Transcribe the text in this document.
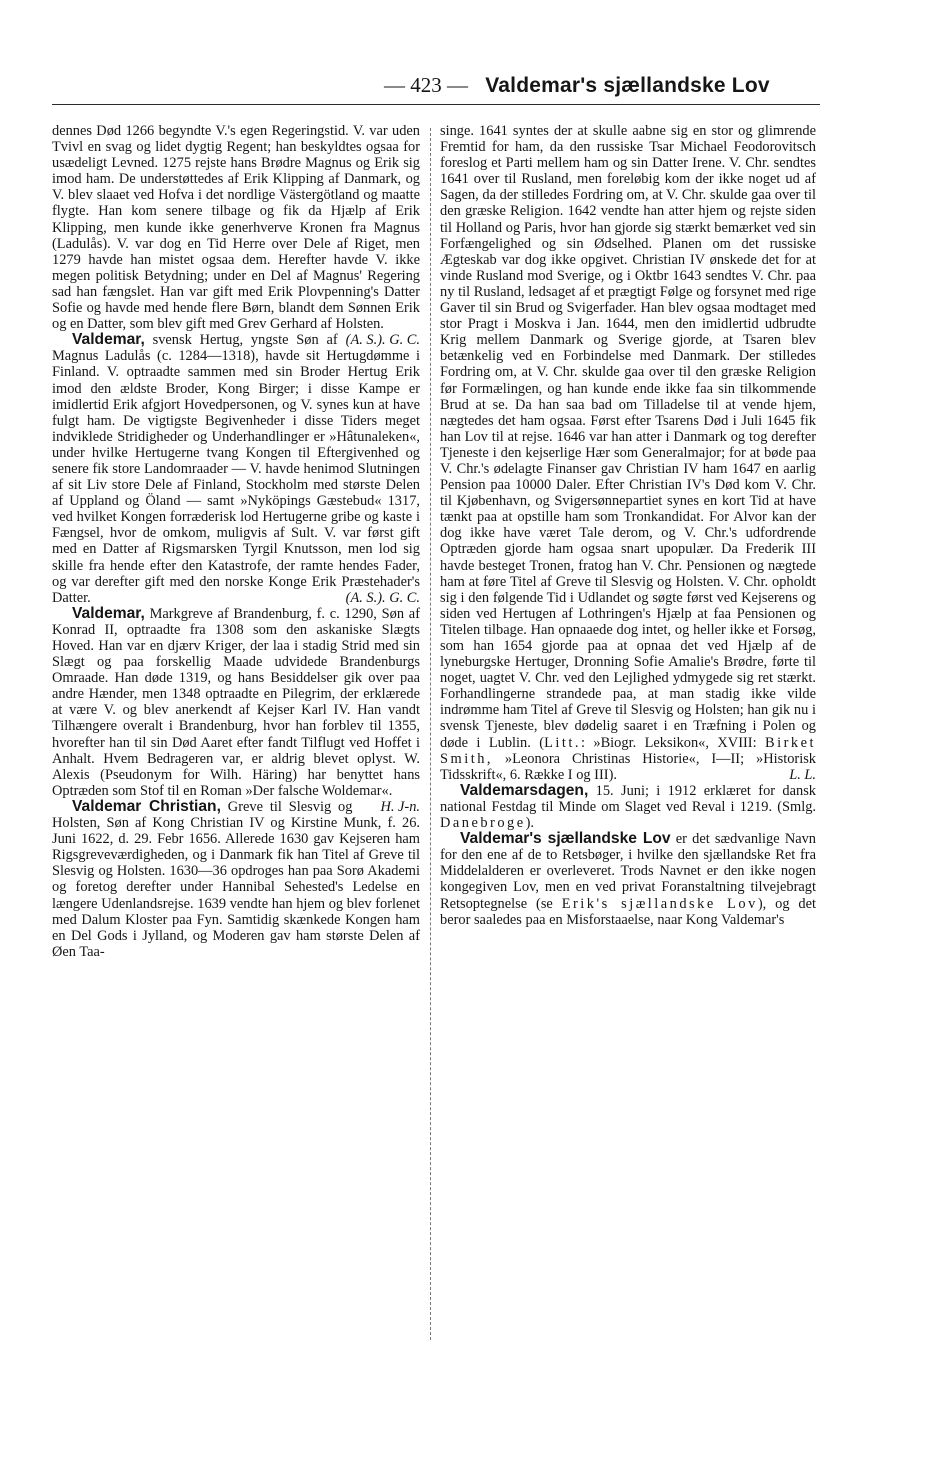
— 423 — Valdemar's sjællandske Lov

dennes Død 1266 begyndte V.'s egen Regeringstid. V. var uden Tvivl en svag og lidet dygtig Regent; han beskyldtes ogsaa for usædeligt Levned. 1275 rejste hans Brødre Magnus og Erik sig imod ham. De understøttedes af Erik Klipping af Danmark, og V. blev slaaet ved Hofva i det nordlige Västergötland og maatte flygte. Han kom senere tilbage og fik da Hjælp af Erik Klipping, men kunde ikke generhverve Kronen fra Magnus (Ladulås). V. var dog en Tid Herre over Dele af Riget, men 1279 havde han mistet ogsaa dem. Herefter havde V. ikke megen politisk Betydning; under en Del af Magnus' Regering sad han fængslet. Han var gift med Erik Plovpenning's Datter Sofie og havde med hende flere Børn, blandt dem Sønnen Erik og en Datter, som blev gift med Grev Gerhard af Holsten.
(A. S.). G. C.

Valdemar, svensk Hertug, yngste Søn af Magnus Ladulås (c. 1284—1318), havde sit Hertugdømme i Finland. V. optraadte sammen med sin Broder Hertug Erik imod den ældste Broder, Kong Birger; i disse Kampe er imidlertid Erik afgjort Hovedpersonen, og V. synes kun at have fulgt ham. De vigtigste Begivenheder i disse Tiders meget indviklede Stridigheder og Underhandlinger er »Hâtunaleken«, under hvilke Hertugerne tvang Kongen til Eftergivenhed og senere fik store Landomraader — V. havde henimod Slutningen af sit Liv store Dele af Finland, Stockholm med største Delen af Uppland og Öland — samt »Nyköpings Gæstebud« 1317, ved hvilket Kongen forræderisk lod Hertugerne gribe og kaste i Fængsel, hvor de omkom, muligvis af Sult. V. var først gift med en Datter af Rigsmarsken Tyrgil Knutsson, men lod sig skille fra hende efter den Katastrofe, der ramte hendes Fader, og var derefter gift med den norske Konge Erik Præstehader's Datter.	(A. S.). G. C.

Valdemar, Markgreve af Brandenburg, f. c. 1290, Søn af Konrad II, optraadte fra 1308 som den askaniske Slægts Hoved. Han var en djærv Kriger, der laa i stadig Strid med sin Slægt og paa forskellig Maade udvidede Brandenburgs Omraade. Han døde 1319, og hans Besiddelser gik over paa andre Hænder, men 1348 optraadte en Pilegrim, der erklærede at være V. og blev anerkendt af Kejser Karl IV. Han vandt Tilhængere overalt i Brandenburg, hvor han forblev til 1355, hvorefter han til sin Død Aaret efter fandt Tilflugt ved Hoffet i Anhalt. Hvem Bedrageren var, er aldrig blevet oplyst. W. Alexis (Pseudonym for Wilh. Häring) har benyttet hans Optræden som Stof til en Roman »Der falsche Woldemar«.
H. J-n.

Valdemar Christian, Greve til Slesvig og Holsten, Søn af Kong Christian IV og Kirstine Munk, f. 26. Juni 1622, d. 29. Febr 1656. Allerede 1630 gav Kejseren ham Rigsgreveværdigheden, og i Danmark fik han Titel af Greve til Slesvig og Holsten. 1630—36 opdroges han paa Sorø Akademi og foretog derefter under Hannibal Sehested's Ledelse en længere Udenlandsrejse. 1639 vendte han hjem og blev forlenet med Dalum Kloster paa Fyn. Samtidig skænkede Kongen ham en Del Gods i Jylland, og Moderen gav ham største Delen af Øen Taa-

singe. 1641 syntes der at skulle aabne sig en stor og glimrende Fremtid for ham, da den russiske Tsar Michael Feodorovitsch foreslog et Parti mellem ham og sin Datter Irene. V. Chr. sendtes 1641 over til Rusland, men foreløbig kom der ikke noget ud af Sagen, da der stilledes Fordring om, at V. Chr. skulde gaa over til den græske Religion. 1642 vendte han atter hjem og rejste siden til Holland og Paris, hvor han gjorde sig stærkt bemærket ved sin Forfængelighed og sin Ødselhed. Planen om det russiske Ægteskab var dog ikke opgivet. Christian IV ønskede det for at vinde Rusland mod Sverige, og i Oktbr 1643 sendtes V. Chr. paa ny til Rusland, ledsaget af et prægtigt Følge og forsynet med rige Gaver til sin Brud og Svigerfader. Han blev ogsaa modtaget med stor Pragt i Moskva i Jan. 1644, men den imidlertid udbrudte Krig mellem Danmark og Sverige gjorde, at Tsaren blev betænkelig ved en Forbindelse med Danmark. Der stilledes Fordring om, at V. Chr. skulde gaa over til den græske Religion før Formælingen, og han kunde ende ikke faa sin tilkommende Brud at se. Da han saa bad om Tilladelse til at vende hjem, nægtedes det ham ogsaa. Først efter Tsarens Død i Juli 1645 fik han Lov til at rejse. 1646 var han atter i Danmark og tog derefter Tjeneste i den kejserlige Hær som Generalmajor; for at bøde paa V. Chr.'s ødelagte Finanser gav Christian IV ham 1647 en aarlig Pension paa 10000 Daler. Efter Christian IV's Død kom V. Chr. til Kjøbenhavn, og Svigersønnepartiet synes en kort Tid at have tænkt paa at opstille ham som Tronkandidat. For Alvor kan der dog ikke have været Tale derom, og V. Chr.'s udfordrende Optræden gjorde ham ogsaa snart upopulær. Da Frederik III havde besteget Tronen, fratog han V. Chr. Pensionen og nægtede ham at føre Titel af Greve til Slesvig og Holsten. V. Chr. opholdt sig i den følgende Tid i Udlandet og søgte først ved Kejserens og siden ved Hertugen af Lothringen's Hjælp at faa Pensionen og Titelen tilbage. Han opnaaede dog intet, og heller ikke et Forsøg, som han 1654 gjorde paa at opnaa det ved Hjælp af de lyneburgske Hertuger, Dronning Sofie Amalie's Brødre, førte til noget, uagtet V. Chr. ved den Lejlighed ydmygede sig ret stærkt. Forhandlingerne strandede paa, at man stadig ikke vilde indrømme ham Titel af Greve til Slesvig og Holsten; han gik nu i svensk Tjeneste, blev dødelig saaret i en Træfning i Polen og døde i Lublin. (Litt.: »Biogr. Leksikon«, XVIII: Birket Smith, »Leonora Christinas Historie«, I—II; »Historisk Tidsskrift«, 6. Række I og III).	L. L.

Valdemarsdagen, 15. Juni; i 1912 erklæret for dansk national Festdag til Minde om Slaget ved Reval i 1219. (Smlg. Danebroge).

Valdemar's sjællandske Lov er det sædvanlige Navn for den ene af de to Retsbøger, i hvilke den sjællandske Ret fra Middelalderen er overleveret. Trods Navnet er den ikke nogen kongegiven Lov, men en ved privat Foranstaltning tilvejebragt Retsoptegnelse (se Erik's sjællandske Lov), og det beror saaledes paa en Misforstaaelse, naar Kong Valdemar's
